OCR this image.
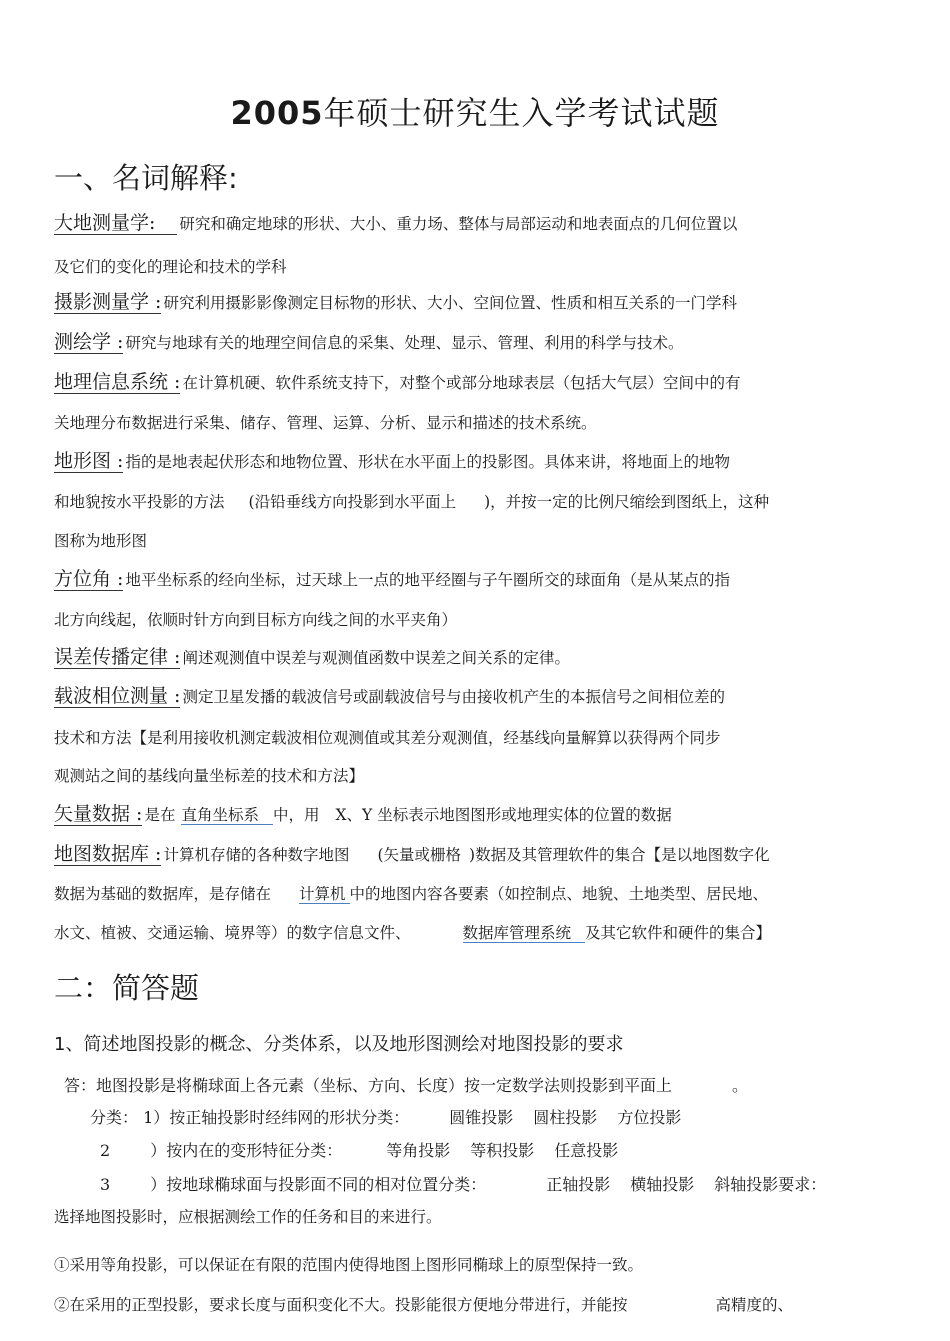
2005年硕士研究生入学考试试题
一、名词解释:
大地测量学: 研究和确定地球的形状、大小、重力场、整体与局部运动和地表面点的几何位置以
及它们的变化的理论和技术的学科
摄影测量学 : 研究利用摄影影像测定目标物的形状、大小、空间位置、性质和相互关系的一门学科
测绘学 : 研究与地球有关的地理空间信息的采集、处理、显示、管理、利用的科学与技术。
地理信息系统 : 在计算机硬、软件系统支持下，对整个或部分地球表层（包括大气层）空间中的有
关地理分布数据进行采集、储存、管理、运算、分析、显示和描述的技术系统。
地形图 : 指的是地表起伏形态和地物位置、形状在水平面上的投影图。具体来讲，将地面上的地物
和地貌按水平投影的方法 (沿铅垂线方向投影到水平面上 )，并按一定的比例尺缩绘到图纸上，这种
图称为地形图
方位角 : 地平坐标系的经向坐标，过天球上一点的地平经圈与子午圈所交的球面角（是从某点的指
北方向线起，依顺时针方向到目标方向线之间的水平夹角）
误差传播定律 : 阐述观测值中误差与观测值函数中误差之间关系的定律。
载波相位测量 : 测定卫星发播的载波信号或副载波信号与由接收机产生的本振信号之间相位差的
技术和方法【是利用接收机测定载波相位观测值或其差分观测值，经基线向量解算以获得两个同步
观测站之间的基线向量坐标差的技术和方法】
矢量数据 : 是在 直角坐标系 中，用 X、Y 坐标表示地图图形或地理实体的位置的数据
地图数据库 : 计算机存储的各种数字地图 (矢量或栅格 )数据及其管理软件的集合【是以地图数字化
数据为基础的数据库，是存储在 计算机 中的地图内容各要素（如控制点、地貌、土地类型、居民地、
水文、植被、交通运输、境界等）的数字信息文件、	数据库管理系统 及其它软件和硬件的集合】
二：简答题
1、简述地图投影的概念、分类体系，以及地形图测绘对地图投影的要求
答：地图投影是将椭球面上各元素（坐标、方向、长度）按一定数学法则投影到平面上	。
分类： 1）按正轴投影时经纬网的形状分类：	圆锥投影 圆柱投影 方位投影
2	）按内在的变形特征分类：	等角投影 等积投影 任意投影
3	）按地球椭球面与投影面不同的相对位置分类：	正轴投影 横轴投影 斜轴投影要求：
选择地图投影时，应根据测绘工作的任务和目的来进行。
①采用等角投影，可以保证在有限的范围内使得地图上图形同椭球上的原型保持一致。
②在采用的正型投影，要求长度与面积变化不大。投影能很方便地分带进行，并能按	高精度的、
